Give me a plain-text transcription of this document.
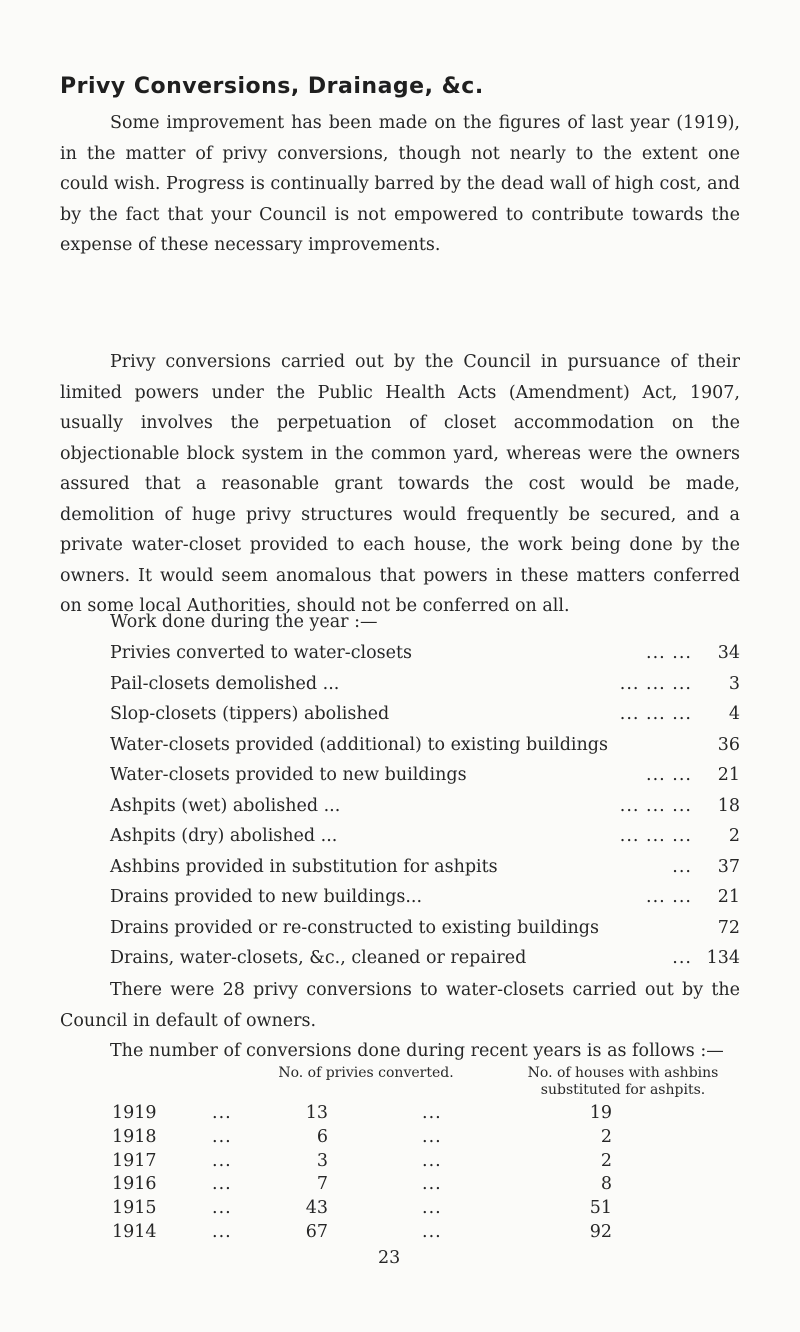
Privy Conversions, Drainage, &c.

Some improvement has been made on the figures of last year (1919), in the matter of privy conversions, though not nearly to the extent one could wish. Progress is continually barred by the dead wall of high cost, and by the fact that your Council is not empowered to contribute towards the expense of these necessary improvements.

Privy conversions carried out by the Council in pursuance of their limited powers under the Public Health Acts (Amendment) Act, 1907, usually involves the perpetuation of closet accommodation on the objectionable block system in the common yard, whereas were the owners assured that a reasonable grant towards the cost would be made, demolition of huge privy structures would frequently be secured, and a private water-closet provided to each house, the work being done by the owners. It would seem anomalous that powers in these matters conferred on some local Authorities, should not be conferred on all.

Work done during the year :—
Privies converted to water-closets	... ...	34
Pail-closets demolished ...	... ... ...	3
Slop-closets (tippers) abolished	... ... ...	4
Water-closets provided (additional) to existing buildings	36
Water-closets provided to new buildings	... ...	21
Ashpits (wet) abolished ...	... ... ...	18
Ashpits (dry) abolished ...	... ... ...	2
Ashbins provided in substitution for ashpits	...	37
Drains provided to new buildings...	... ...	21
Drains provided or re-constructed to existing buildings	72
Drains, water-closets, &c., cleaned or repaired	... 134

There were 28 privy conversions to water-closets carried out by the Council in default of owners.

The number of conversions done during recent years is as follows :—

No. of privies converted.	No. of houses with ashbins substituted for ashpits.
1919	...	13	...	19
1918	...	6	...	2
1917	...	3	...	2
1916	...	7	...	8
1915	...	43	...	51
1914	...	67	...	92
23
